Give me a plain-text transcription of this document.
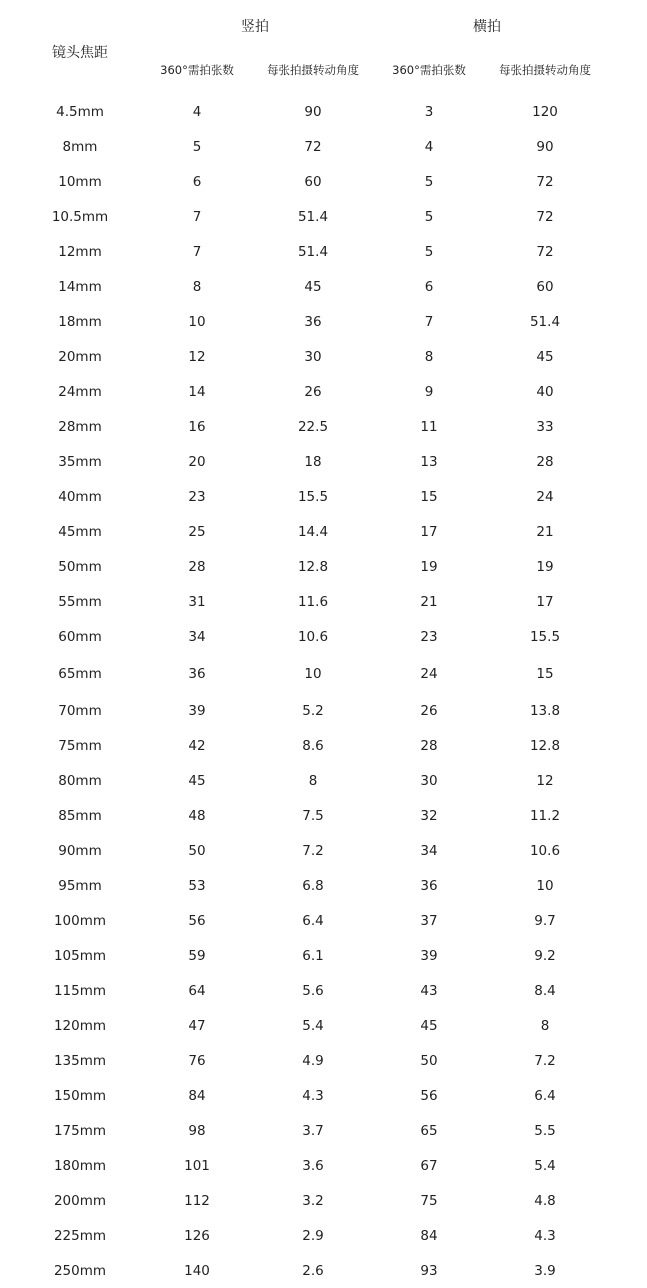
镜头焦距
竖拍	横拍
360°需拍张数	每张拍摄转动角度	360°需拍张数	每张拍摄转动角度
4.5mm	4	90	3	120
8mm	5	72	4	90
10mm	6	60	5	72
10.5mm	7	51.4	5	72
12mm	7	51.4	5	72
14mm	8	45	6	60
18mm	10	36	7	51.4
20mm	12	30	8	45
24mm	14	26	9	40
28mm	16	22.5	11	33
35mm	20	18	13	28
40mm	23	15.5	15	24
45mm	25	14.4	17	21
50mm	28	12.8	19	19
55mm	31	11.6	21	17
60mm	34	10.6	23	15.5
65mm	36	10	24	15
70mm	39	5.2	26	13.8
75mm	42	8.6	28	12.8
80mm	45	8	30	12
85mm	48	7.5	32	11.2
90mm	50	7.2	34	10.6
95mm	53	6.8	36	10
100mm	56	6.4	37	9.7
105mm	59	6.1	39	9.2
115mm	64	5.6	43	8.4
120mm	47	5.4	45	8
135mm	76	4.9	50	7.2
150mm	84	4.3	56	6.4
175mm	98	3.7	65	5.5
180mm	101	3.6	67	5.4
200mm	112	3.2	75	4.8
225mm	126	2.9	84	4.3
250mm	140	2.6	93	3.9
